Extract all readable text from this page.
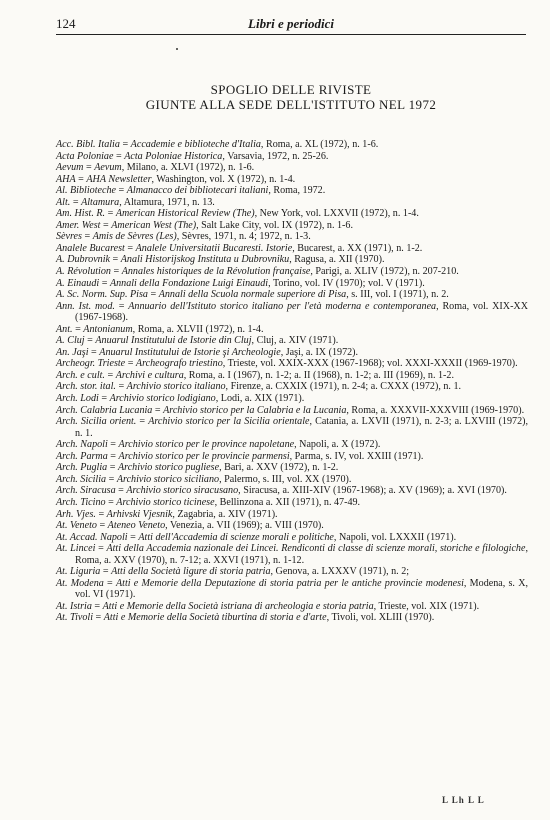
124	Libri e periodici
SPOGLIO DELLE RIVISTE
GIUNTE ALLA SEDE DELL'ISTITUTO NEL 1972
Acc. Bibl. Italia = Accademie e biblioteche d'Italia, Roma, a. XL (1972), n. 1-6.
Acta Poloniae = Acta Poloniae Historica, Varsavia, 1972, n. 25-26.
Aevum = Aevum, Milano, a. XLVI (1972), n. 1-6.
AHA = AHA Newsletter, Washington, vol. X (1972), n. 1-4.
Al. Biblioteche = Almanacco dei bibliotecari italiani, Roma, 1972.
Alt. = Altamura, Altamura, 1971, n. 13.
Am. Hist. R. = American Historical Review (The), New York, vol. LXXVII (1972), n. 1-4.
Amer. West = American West (The), Salt Lake City, vol. IX (1972), n. 1-6.
Sèvres = Amis de Sèvres (Les), Sèvres, 1971, n. 4; 1972, n. 1-3.
Analele Bucarest = Analele Universitatii Bucaresti. Istorie, Bucarest, a. XX (1971), n. 1-2.
A. Dubrovnik = Anali Historijskog Instituta u Dubrovniku, Ragusa, a. XII (1970).
A. Révolution = Annales historiques de la Révolution française, Parigi, a. XLIV (1972), n. 207-210.
A. Einaudi = Annali della Fondazione Luigi Einaudi, Torino, vol. IV (1970); vol. V (1971).
A. Sc. Norm. Sup. Pisa = Annali della Scuola normale superiore di Pisa, s. III, vol. I (1971), n. 2.
Ann. Ist. mod. = Annuario dell'Istituto storico italiano per l'età moderna e contemporanea, Roma, vol. XIX-XX (1967-1968).
Ant. = Antonianum, Roma, a. XLVII (1972), n. 1-4.
A. Cluj = Anuarul Institutului de Istorie din Cluj, Cluj, a. XIV (1971).
An. Jaşi = Anuarul Institutului de Istorie şi Archeologie, Jaşi, a. IX (1972).
Archeogr. Trieste = Archeografo triestino, Trieste, vol. XXIX-XXX (1967-1968); vol. XXXI-XXXII (1969-1970).
Arch. e cult. = Archivi e cultura, Roma, a. I (1967), n. 1-2; a. II (1968), n. 1-2; a. III (1969), n. 1-2.
Arch. stor. ital. = Archivio storico italiano, Firenze, a. CXXIX (1971), n. 2-4; a. CXXX (1972), n. 1.
Arch. Lodi = Archivio storico lodigiano, Lodi, a. XIX (1971).
Arch. Calabria Lucania = Archivio storico per la Calabria e la Lucania, Roma, a. XXXVII-XXXVIII (1969-1970).
Arch. Sicilia orient. = Archivio storico per la Sicilia orientale, Catania, a. LXVII (1971), n. 2-3; a. LXVIII (1972), n. 1.
Arch. Napoli = Archivio storico per le province napoletane, Napoli, a. X (1972).
Arch. Parma = Archivio storico per le provincie parmensi, Parma, s. IV, vol. XXIII (1971).
Arch. Puglia = Archivio storico pugliese, Bari, a. XXV (1972), n. 1-2.
Arch. Sicilia = Archivio storico siciliano, Palermo, s. III, vol. XX (1970).
Arch. Siracusa = Archivio storico siracusano, Siracusa, a. XIII-XIV (1967-1968); a. XV (1969); a. XVI (1970).
Arch. Ticino = Archivio storico ticinese, Bellinzona a. XII (1971), n. 47-49.
Arh. Vjes. = Arhivski Vjesnik, Zagabria, a. XIV (1971).
At. Veneto = Ateneo Veneto, Venezia, a. VII (1969); a. VIII (1970).
At. Accad. Napoli = Atti dell'Accademia di scienze morali e politiche, Napoli, vol. LXXXII (1971).
At. Lincei = Atti della Accademia nazionale dei Lincei. Rendiconti di classe di scienze morali, storiche e filologiche, Roma, a. XXV (1970), n. 7-12; a. XXVI (1971), n. 1-12.
At. Liguria = Atti della Società ligure di storia patria, Genova, a. LXXXV (1971), n. 2;
At. Modena = Atti e Memorie della Deputazione di storia patria per le antiche provincie modenesi, Modena, s. X, vol. VI (1971).
At. Istria = Atti e Memorie della Società istriana di archeologia e storia patria, Trieste, vol. XIX (1971).
At. Tivoli = Atti e Memorie della Società tiburtina di storia e d'arte, Tivoli, vol. XLIII (1970).
L Lh L L
